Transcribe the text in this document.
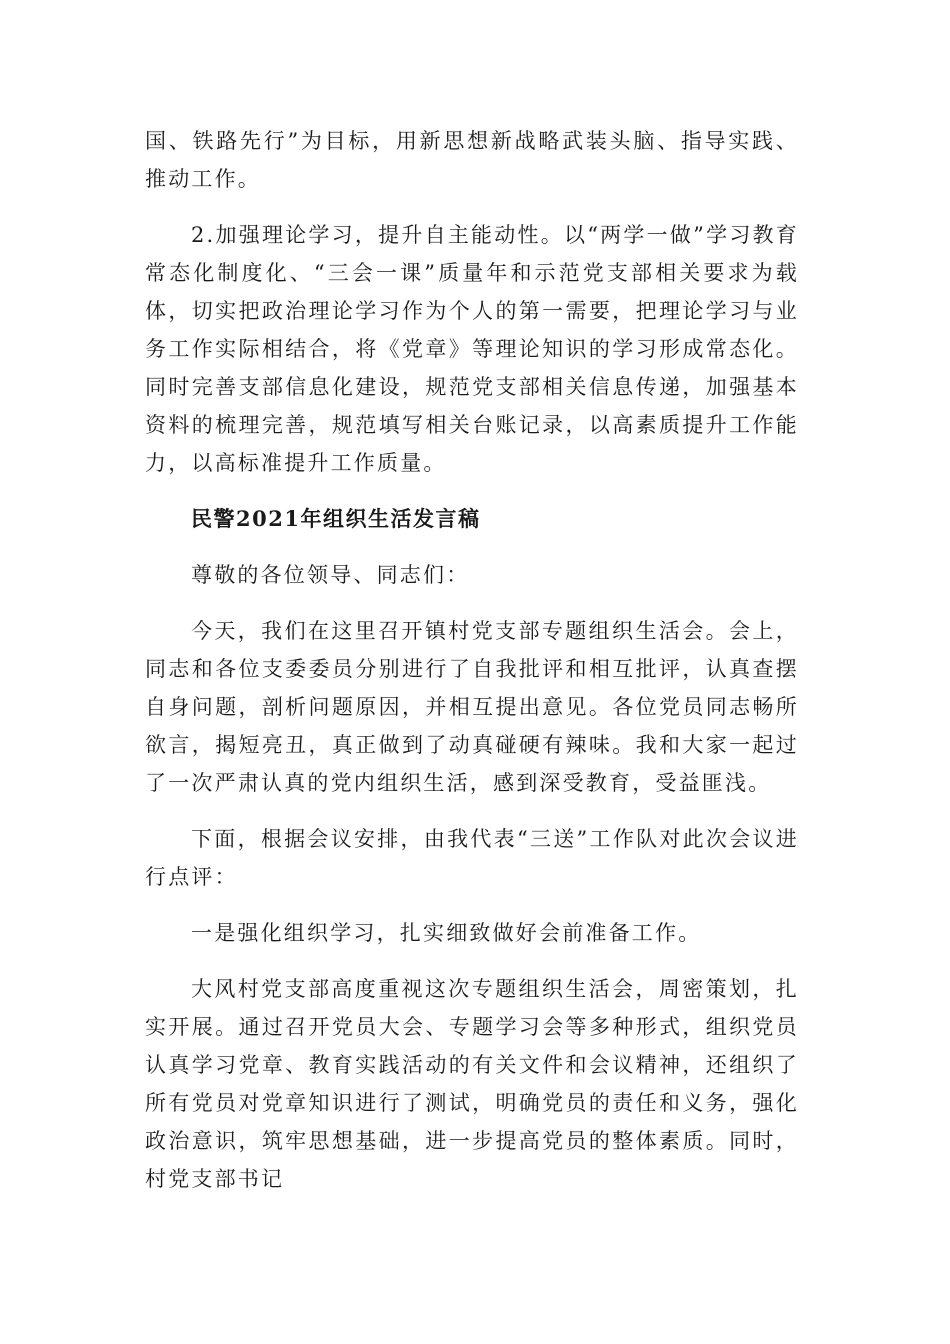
国、铁路先行”为目标，用新思想新战略武装头脑、指导实践、推动工作。

2.加强理论学习，提升自主能动性。以“两学一做”学习教育常态化制度化、“三会一课”质量年和示范党支部相关要求为载体，切实把政治理论学习作为个人的第一需要，把理论学习与业务工作实际相结合，将《党章》等理论知识的学习形成常态化。同时完善支部信息化建设，规范党支部相关信息传递，加强基本资料的梳理完善，规范填写相关台账记录，以高素质提升工作能力，以高标准提升工作质量。

民警2021年组织生活发言稿

尊敬的各位领导、同志们：

今天，我们在这里召开镇村党支部专题组织生活会。会上，同志和各位支委委员分别进行了自我批评和相互批评，认真查摆自身问题，剖析问题原因，并相互提出意见。各位党员同志畅所欲言，揭短亮丑，真正做到了动真碰硬有辣味。我和大家一起过了一次严肃认真的党内组织生活，感到深受教育，受益匪浅。

下面，根据会议安排，由我代表“三送”工作队对此次会议进行点评：

一是强化组织学习，扎实细致做好会前准备工作。

大风村党支部高度重视这次专题组织生活会，周密策划，扎实开展。通过召开党员大会、专题学习会等多种形式，组织党员认真学习党章、教育实践活动的有关文件和会议精神，还组织了所有党员对党章知识进行了测试，明确党员的责任和义务，强化政治意识，筑牢思想基础，进一步提高党员的整体素质。同时，村党支部书记
